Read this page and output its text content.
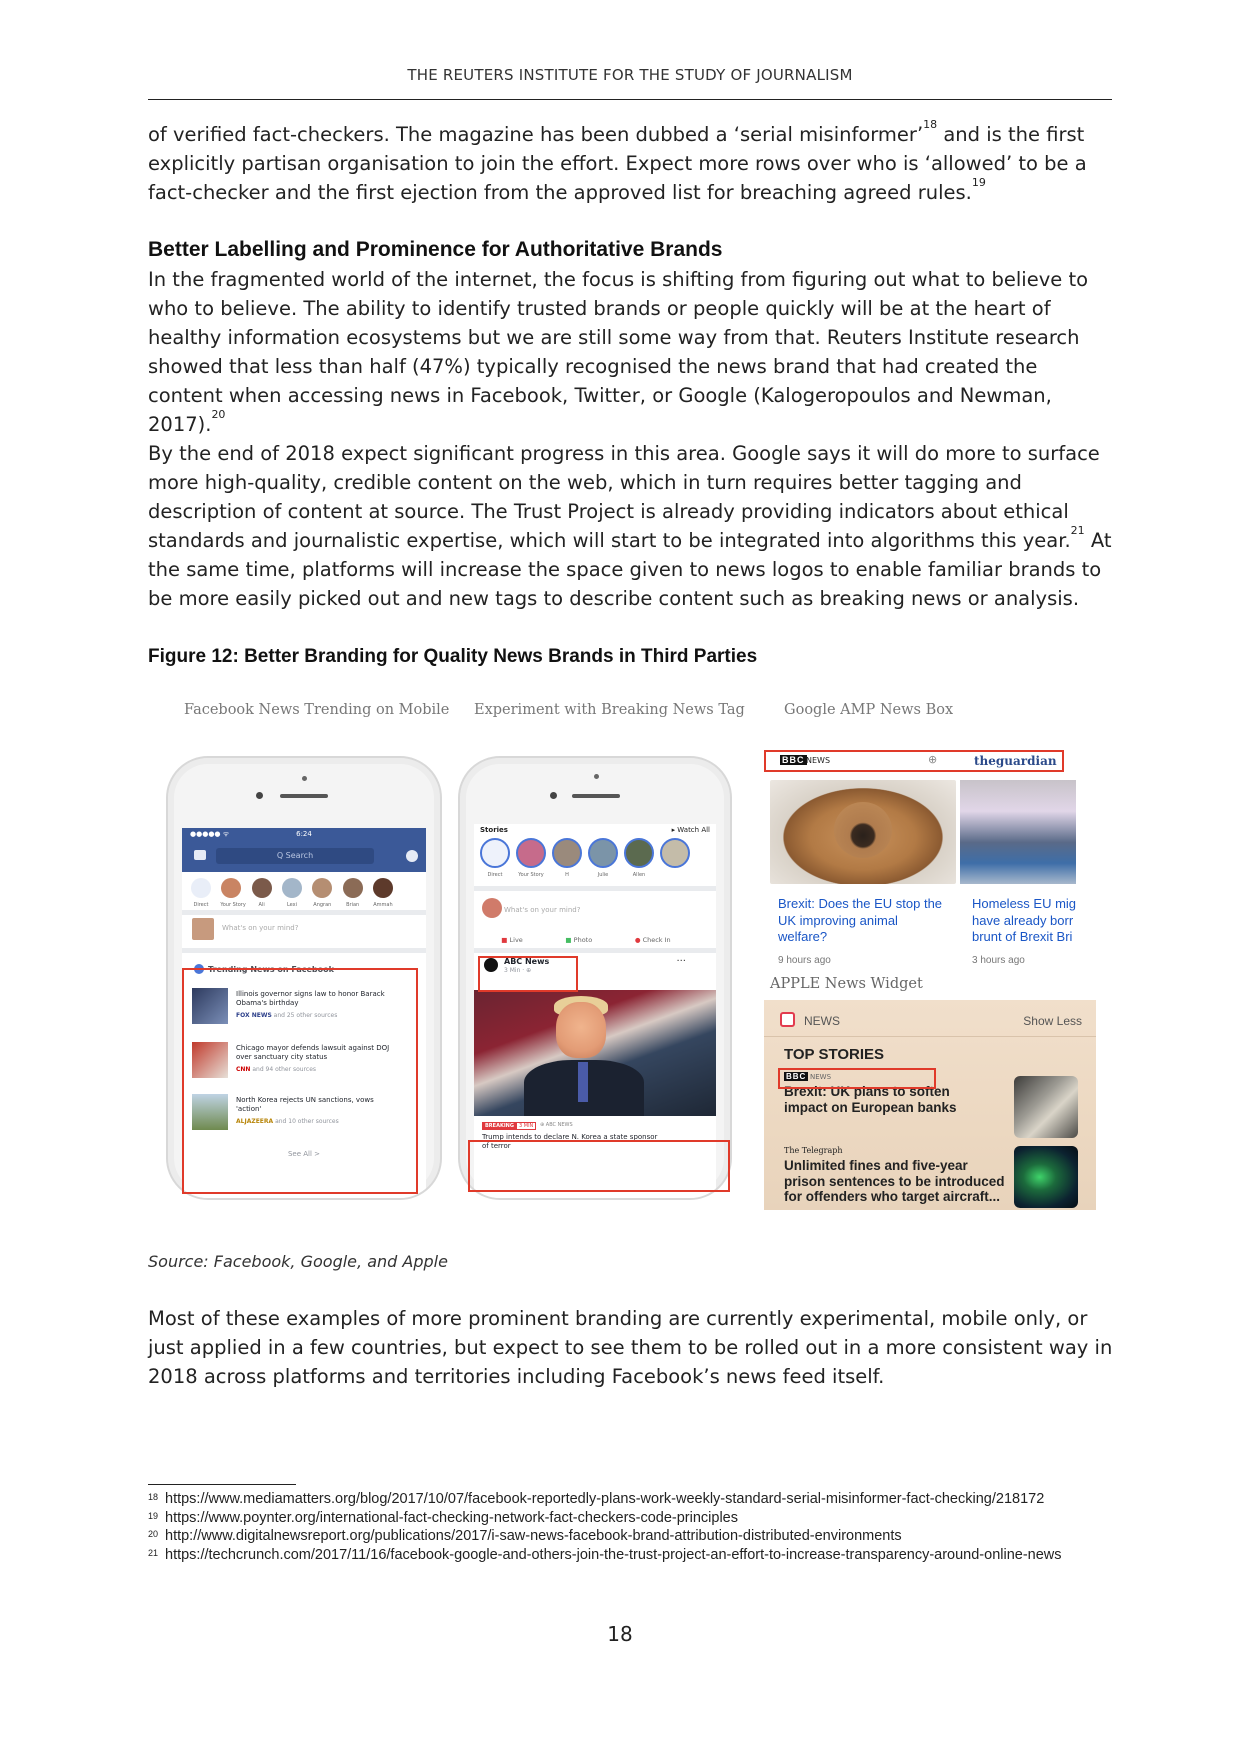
THE REUTERS INSTITUTE FOR THE STUDY OF JOURNALISM

of verified fact-checkers. The magazine has been dubbed a ‘serial misinformer’$^{18}$ and is the first explicitly partisan organisation to join the effort. Expect more rows over who is ‘allowed’ to be a fact-checker and the first ejection from the approved list for breaching agreed rules.$^{19}$

Better Labelling and Prominence for Authoritative Brands

In the fragmented world of the internet, the focus is shifting from figuring out what to believe to who to believe. The ability to identify trusted brands or people quickly will be at the heart of healthy information ecosystems but we are still some way from that. Reuters Institute research showed that less than half (47%) typically recognised the news brand that had created the content when accessing news in Facebook, Twitter, or Google (Kalogeropoulos and Newman, 2017).$^{20}$

By the end of 2018 expect significant progress in this area. Google says it will do more to surface more high-quality, credible content on the web, which in turn requires better tagging and description of content at source. The Trust Project is already providing indicators about ethical standards and journalistic expertise, which will start to be integrated into algorithms this year.$^{21}$ At the same time, platforms will increase the space given to news logos to enable familiar brands to be more easily picked out and new tags to describe content such as breaking news or analysis.

Figure 12: Better Branding for Quality News Brands in Third Parties
Facebook News Trending on Mobile Experiment with Breaking News Tag	Google AMP News Box
●●●●● ᯤ	6:24
Q Search
Direct	Your Story	Ali	Lexi	Angran	Brian	Ammah
What's on your mind?
Trending News on Facebook
Illinois governor signs law to honor Barack Obama's birthday
FOX NEWS and 25 other sources
Chicago mayor defends lawsuit against DOJ over sanctuary city status
CNN and 94 other sources
North Korea rejects UN sanctions, vows 'action'
ALJAZEERA and 10 other sources
See All >
Stories	▸ Watch All
Direct	Your Story	H	Julie	Allen
What's on your mind?
■ Live	■ Photo	● Check In
ABC News
3 Min · ⊕
···
BREAKING	3 MIN	⊕ ABC NEWS
Trump intends to declare N. Korea a state sponsor of terror
BBC NEWS	⊕	theguardian
Brexit: Does the EU stop the UK improving animal welfare?
9 hours ago
Homeless EU mig have already borr brunt of Brexit Bri
3 hours ago
APPLE News Widget
NEWS	Show Less
TOP STORIES
BBC NEWS
Brexit: UK plans to soften impact on European banks
The Telegraph
Unlimited fines and five-year prison sentences to be introduced for offenders who target aircraft...
Source: Facebook, Google, and Apple

Most of these examples of more prominent branding are currently experimental, mobile only, or just applied in a few countries, but expect to see them to be rolled out in a more consistent way in 2018 across platforms and territories including Facebook’s news feed itself.

18 https://www.mediamatters.org/blog/2017/10/07/facebook-reportedly-plans-work-weekly-standard-serial-misinformer-fact-checking/218172
19 https://www.poynter.org/international-fact-checking-network-fact-checkers-code-principles
20 http://www.digitalnewsreport.org/publications/2017/i-saw-news-facebook-brand-attribution-distributed-environments
21 https://techcrunch.com/2017/11/16/facebook-google-and-others-join-the-trust-project-an-effort-to-increase-transparency-around-online-news
18
